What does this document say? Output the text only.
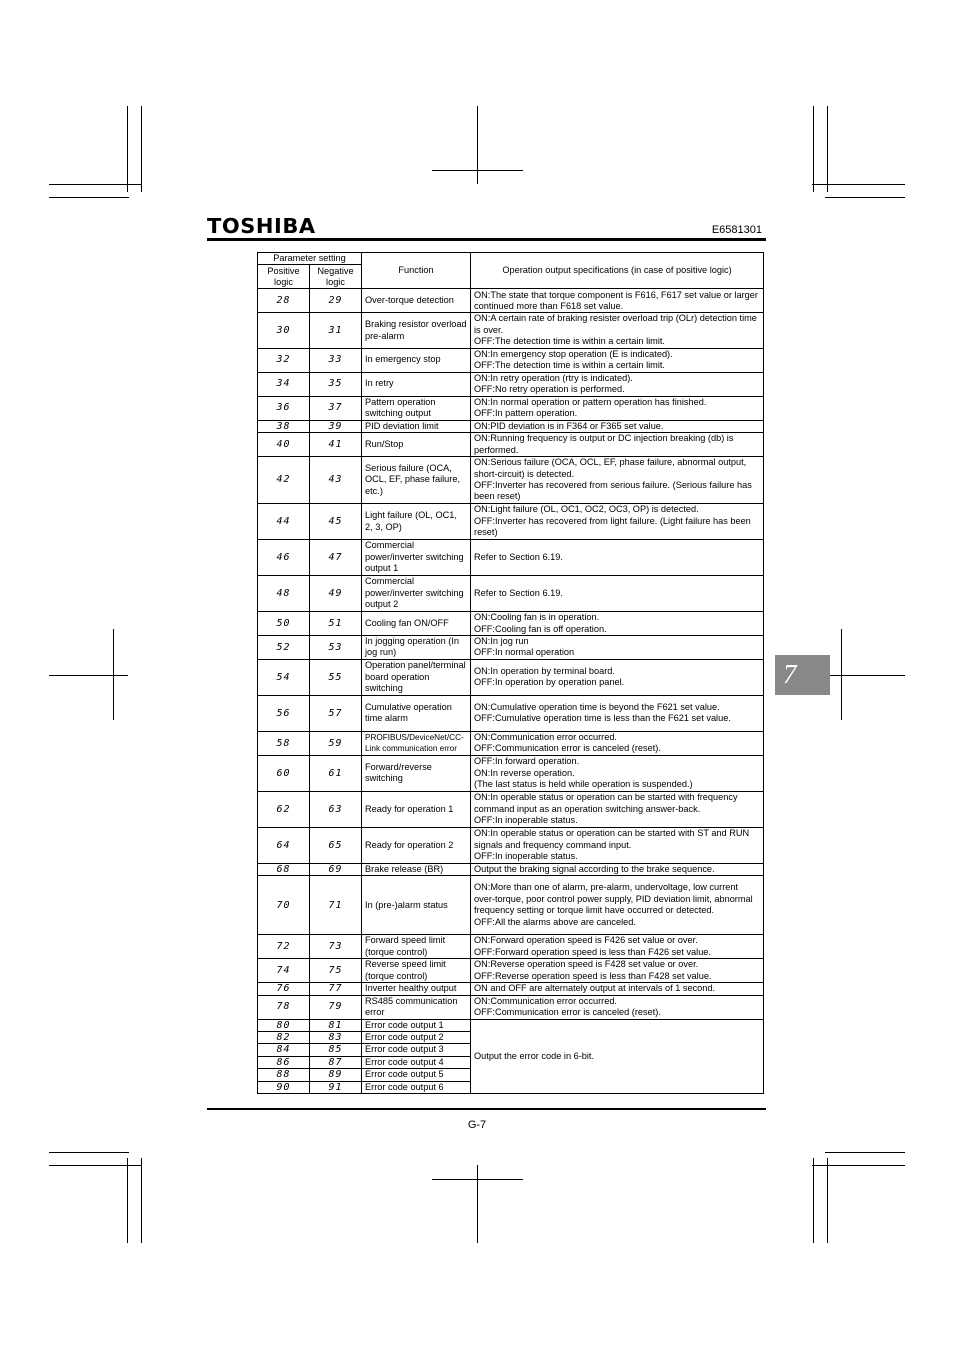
TOSHIBA	E6581301
7
Parameter setting		Function	Operation output specifications (in case of positive logic)
Positive logic	Negative logic		
28	29	Over-torque detection	ON:The state that torque component is F616, F617 set value or larger continued more than F618 set value.
30	31	Braking resistor overload pre-alarm	ON:A certain rate of braking resister overload trip (OLr) detection time is over.
OFF:The detection time is within a certain limit.
32	33	In emergency stop	ON:In emergency stop operation (E is indicated).
OFF:The detection time is within a certain limit.
34	35	In retry	ON:In retry operation (rtry is indicated).
OFF:No retry operation is performed.
36	37	Pattern operation switching output	ON:In normal operation or pattern operation has finished.
OFF:In pattern operation.
38	39	PID deviation limit	ON:PID deviation is in F364 or F365 set value.
40	41	Run/Stop	ON:Running frequency is output or DC injection breaking (db) is performed.
42	43	Serious failure (OCA, OCL, EF, phase failure, etc.)	ON:Serious failure (OCA, OCL, EF, phase failure, abnormal output, short-circuit) is detected.
OFF:Inverter has recovered from serious failure. (Serious failure has been reset)
44	45	Light failure (OL, OC1, 2, 3, OP)	ON:Light failure (OL, OC1, OC2, OC3, OP) is detected.
OFF:Inverter has recovered from light failure. (Light failure has been reset)
46	47	Commercial power/inverter switching output 1	Refer to Section 6.19.
48	49	Commercial power/inverter switching output 2	Refer to Section 6.19.
50	51	Cooling fan ON/OFF	ON:Cooling fan is in operation.
OFF:Cooling fan is off operation.
52	53	In jogging operation (In jog run)	ON:In jog run
OFF:In normal operation
54	55	Operation panel/terminal board operation switching	ON:In operation by terminal board.
OFF:In operation by operation panel.
56	57	Cumulative operation time alarm	ON:Cumulative operation time is beyond the F621 set value.
OFF:Cumulative operation time is less than the F621 set value.
58	59	PROFIBUS/DeviceNet/CC-Link communication error	ON:Communication error occurred.
OFF:Communication error is canceled (reset).
60	61	Forward/reverse switching	OFF:In forward operation.
ON:In reverse operation.
(The last status is held while operation is suspended.)
62	63	Ready for operation 1	ON:In operable status or operation can be started with frequency command input as an operation switching answer-back.
OFF:In inoperable status.
64	65	Ready for operation 2	ON:In operable status or operation can be started with ST and RUN signals and frequency command input.
OFF:In inoperable status.
68	69	Brake release (BR)	Output the braking signal according to the brake sequence.
70	71	In (pre-)alarm status	ON:More than one of alarm, pre-alarm, undervoltage, low current over-torque, poor control power supply, PID deviation limit, abnormal frequency setting or torque limit have occurred or detected.
OFF:All the alarms above are canceled.
72	73	Forward speed limit (torque control)	ON:Forward operation speed is F426 set value or over.
OFF:Forward operation speed is less than F426 set value.
74	75	Reverse speed limit (torque control)	ON:Reverse operation speed is F428 set value or over.
OFF:Reverse operation speed is less than F428 set value.
76	77	Inverter healthy output	ON and OFF are alternately output at intervals of 1 second.
78	79	RS485 communication error	ON:Communication error occurred.
OFF:Communication error is canceled (reset).
80	81	Error code output 1	Output the error code in 6-bit.
82	83	Error code output 2	
84	85	Error code output 3	
86	87	Error code output 4	
88	89	Error code output 5	
90	91	Error code output 6	
G-7
